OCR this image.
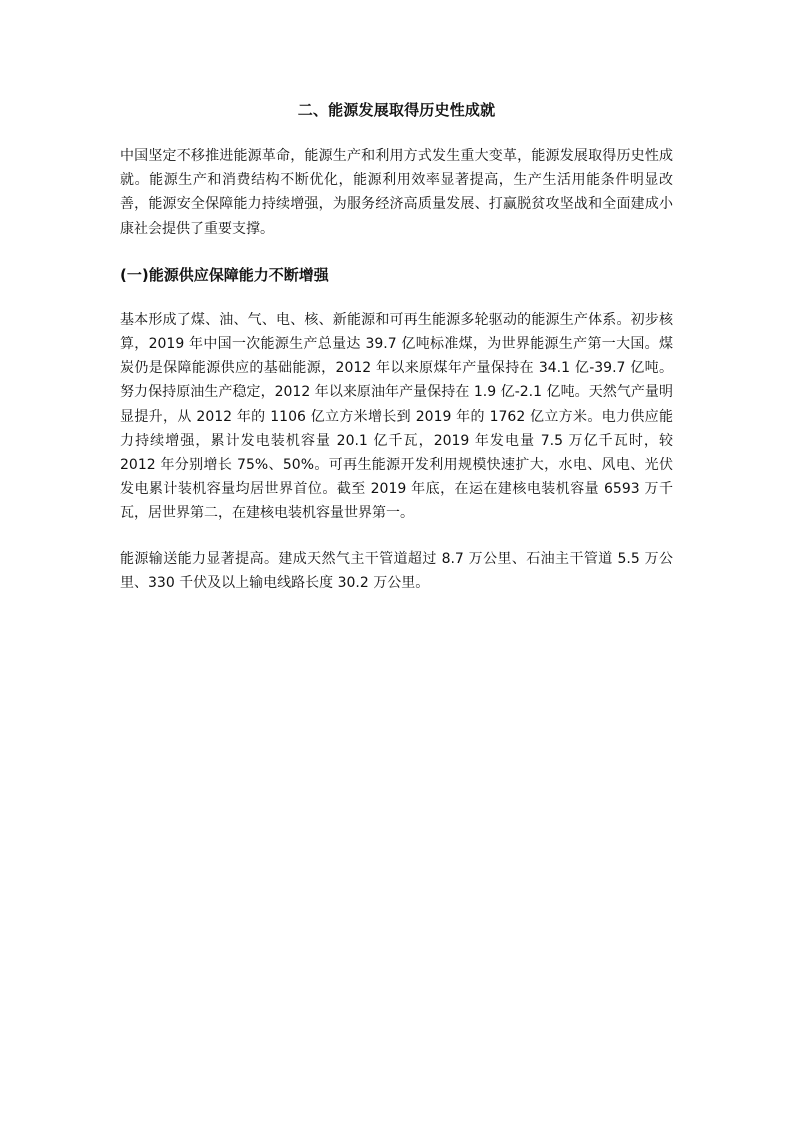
二、能源发展取得历史性成就

中国坚定不移推进能源革命，能源生产和利用方式发生重大变革，能源发展取得历史性成就。能源生产和消费结构不断优化，能源利用效率显著提高，生产生活用能条件明显改善，能源安全保障能力持续增强，为服务经济高质量发展、打赢脱贫攻坚战和全面建成小康社会提供了重要支撑。

(一)能源供应保障能力不断增强

基本形成了煤、油、气、电、核、新能源和可再生能源多轮驱动的能源生产体系。初步核算，2019 年中国一次能源生产总量达 39.7 亿吨标准煤，为世界能源生产第一大国。煤炭仍是保障能源供应的基础能源，2012 年以来原煤年产量保持在 34.1 亿-39.7 亿吨。努力保持原油生产稳定，2012 年以来原油年产量保持在 1.9 亿-2.1 亿吨。天然气产量明显提升，从 2012 年的 1106 亿立方米增长到 2019 年的 1762 亿立方米。电力供应能力持续增强，累计发电装机容量 20.1 亿千瓦，2019 年发电量 7.5 万亿千瓦时，较 2012 年分别增长 75%、50%。可再生能源开发利用规模快速扩大，水电、风电、光伏发电累计装机容量均居世界首位。截至 2019 年底，在运在建核电装机容量 6593 万千瓦，居世界第二，在建核电装机容量世界第一。

能源输送能力显著提高。建成天然气主干管道超过 8.7 万公里、石油主干管道 5.5 万公里、330 千伏及以上输电线路长度 30.2 万公里。
